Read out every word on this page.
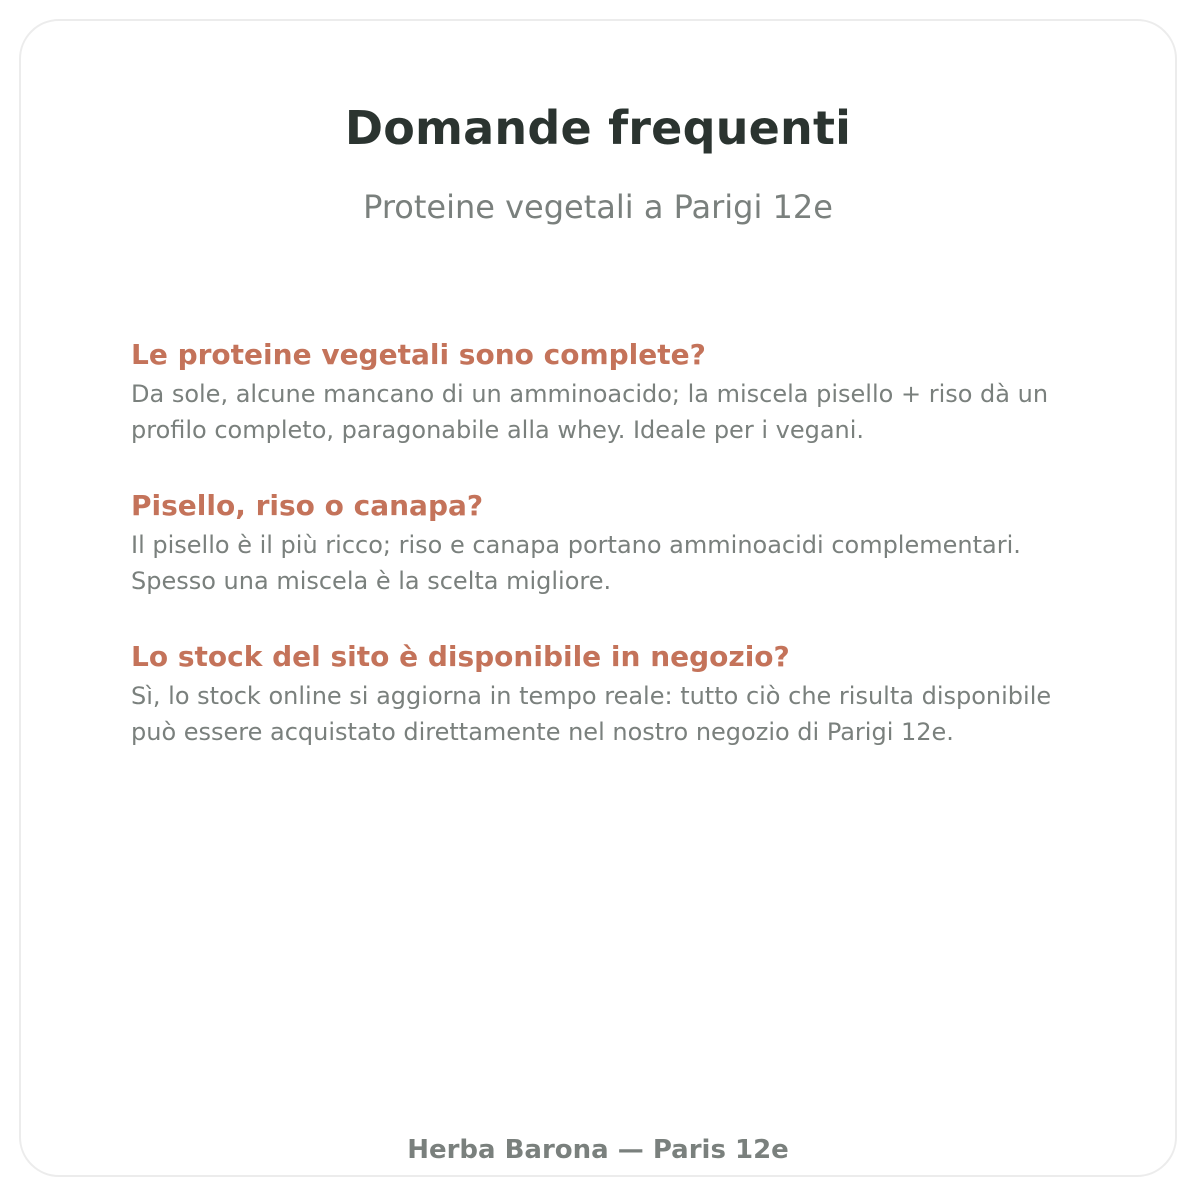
Domande frequenti

Proteine vegetali a Parigi 12e

Le proteine vegetali sono complete?

Da sole, alcune mancano di un amminoacido; la miscela pisello + riso dà un profilo completo, paragonabile alla whey. Ideale per i vegani.

Pisello, riso o canapa?

Il pisello è il più ricco; riso e canapa portano amminoacidi complementari. Spesso una miscela è la scelta migliore.

Lo stock del sito è disponibile in negozio?

Sì, lo stock online si aggiorna in tempo reale: tutto ciò che risulta disponibile può essere acquistato direttamente nel nostro negozio di Parigi 12e.

Herba Barona — Paris 12e
